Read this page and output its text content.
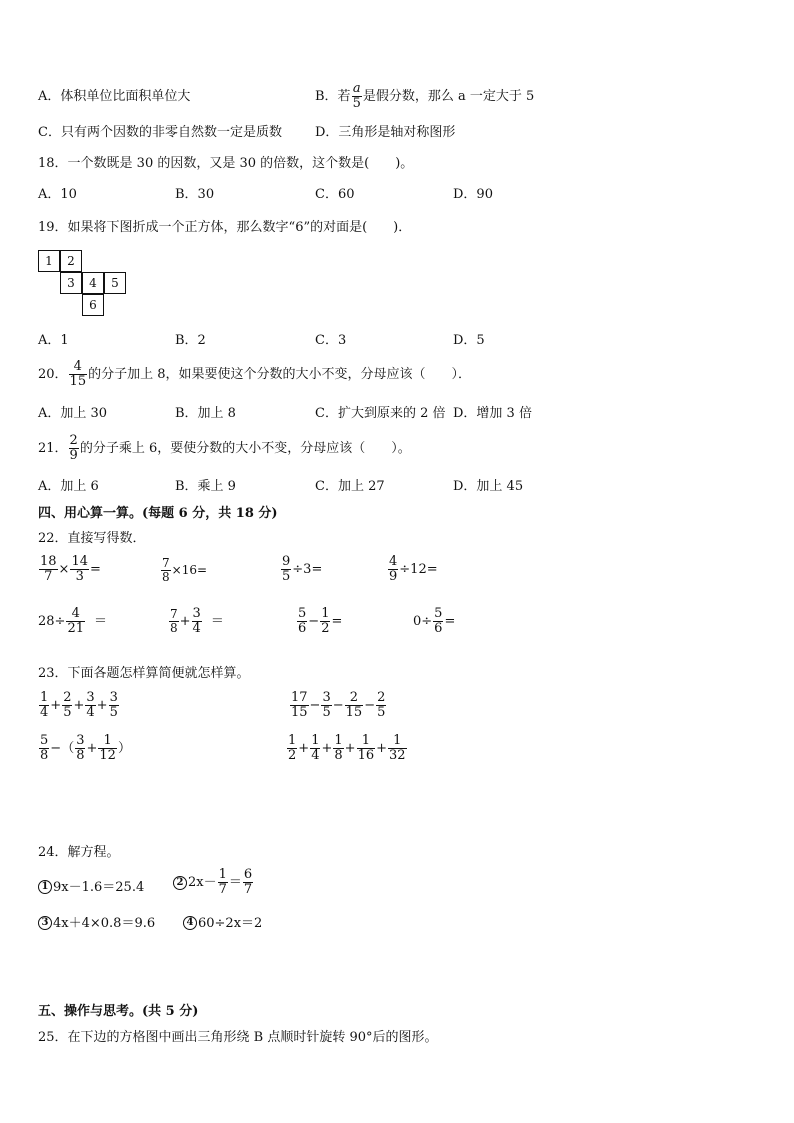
A．体积单位比面积单位大	B．若 $\frac{a}{5}$ 是假分数，那么 a 一定大于 5
C．只有两个因数的非零自然数一定是质数	D．三角形是轴对称图形
18．一个数既是 30 的因数，又是 30 的倍数，这个数是(　　)。
A．10	B．30	C．60	D．90
19．如果将下图折成一个正方体，那么数字“6”的对面是(　　)．
1	2
3	4	5
6
A．1	B．2	C．3	D．5
20． $\frac{4}{15}$ 的分子加上 8，如果要使这个分数的大小不变，分母应该（　　）．
A．加上 30	B．加上 8	C．扩大到原来的 2 倍 D．增加 3 倍
21． $\frac{2}{9}$ 的分子乘上 6，要使分数的大小不变，分母应该（　　）。
A．加上 6	B．乘上 9	C．加上 27	D．加上 45
四、用心算一算。(每题 6 分，共 18 分)
22．直接写得数．
$\frac{18}{7} \times \frac{14}{3}$ =	$\frac{7}{8} \times 16=$	$\frac{9}{5} \div 3=$	$\frac{4}{9} \div 12=$
$28\div \frac{4}{21}$ ＝	$\frac{7}{8} + \frac{3}{4}$ ＝	$\frac{5}{6} - \frac{1}{2}$ =	$0\div \frac{5}{6}$ =
23．下面各题怎样算简便就怎样算。
$\frac{1}{4} + \frac{2}{5} + \frac{3}{4} + \frac{3}{5}$	$\frac{17}{15} - \frac{3}{5} - \frac{2}{15} - \frac{2}{5}$
$\frac{5}{8}$ −（ $\frac{3}{8} + \frac{1}{12}$ ）	$\frac{1}{2} + \frac{1}{4} + \frac{1}{8} + \frac{1}{16} + \frac{1}{32}$
24．解方程。
1 9x－1.6＝25.4	2 $2x- \frac{1}{7} = \frac{6}{7}$
3 4x＋4×0.8＝9.6	4 60÷2x＝2
五、操作与思考。(共 5 分)
25．在下边的方格图中画出三角形绕 B 点顺时针旋转 90°后的图形。
